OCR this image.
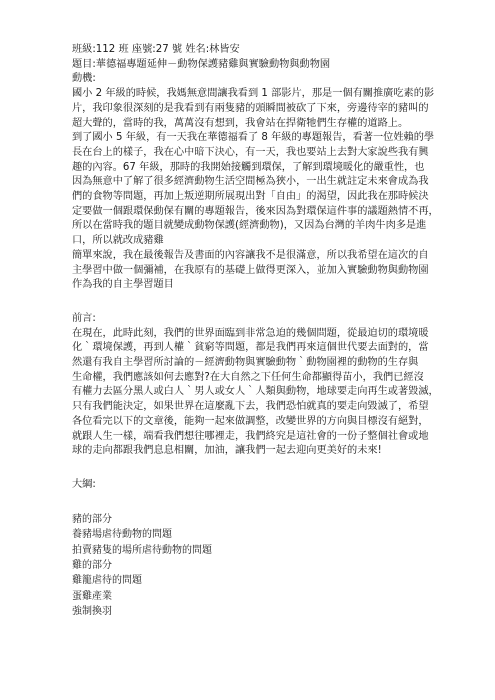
班級:112 班 座號:27 號 姓名:林皆安

題目:華德福專題延伸－動物保護豬雞與實驗動物與動物園

動機:

國小 2 年級的時候，我媽無意間讓我看到 1 部影片，那是一個有關推廣吃素的影

片，我印象很深刻的是我看到有兩隻豬的頭瞬間被砍了下來，旁邊待宰的豬叫的

超大聲的，當時的我，萬萬沒有想到，我會站在捍衛牠們生存權的道路上。

到了國小 5 年級，有一天我在華德福看了 8 年級的專題報告，看著一位姓賴的學

長在台上的樣子，我在心中暗下決心，有一天，我也要站上去對大家說些我有興

趣的內容。67 年級，那時的我開始接觸到環保，了解到環境暖化的嚴重性，也

因為無意中了解了很多經濟動物生活空間極為狹小，一出生就註定未來會成為我

們的食物等問題，再加上叛逆期所展現出對「自由」的渴望，因此我在那時候決

定要做一個跟環保動保有關的專題報告，後來因為對環保這件事的議題熱情不再，

所以在當時我的題目就變成動物保護(經濟動物)，又因為台灣的羊肉牛肉多是進

口，所以就改成豬雞

簡單來說，我在最後報告及書面的內容讓我不是很滿意，所以我希望在這次的自

主學習中做一個彌補，在我原有的基礎上做得更深入，並加入實驗動物與動物園

作為我的自主學習題目

前言:

在現在，此時此刻，我們的世界面臨到非常急迫的幾個問題，從最迫切的環境暖

化｀環境保護，再到人權｀貧窮等問題，都是我們再來這個世代要去面對的，當

然還有我自主學習所討論的－經濟動物與實驗動物｀動物園裡的動物的生存與

生命權，我們應該如何去應對?在大自然之下任何生命都顯得苗小，我們已經沒

有權力去區分黑人或白人｀男人或女人｀人類與動物，地球要走向再生或著毀滅，

只有我們能決定，如果世界在這麼亂下去，我們恐怕就真的要走向毀滅了，希望

各位看完以下的文章後，能夠一起來做調整，改變世界的方向與目標沒有絕對，

就跟人生一樣，端看我們想往哪裡走，我們終究是這社會的一份子整個社會或地

球的走向都跟我們息息相關，加油，讓我們一起去迎向更美好的未來!

大綱:

豬的部分

養豬場虐待動物的問題

拍賣豬隻的場所虐待動物的問題

雞的部分

雞籠虐待的問題

蛋雞產業

強制換羽
